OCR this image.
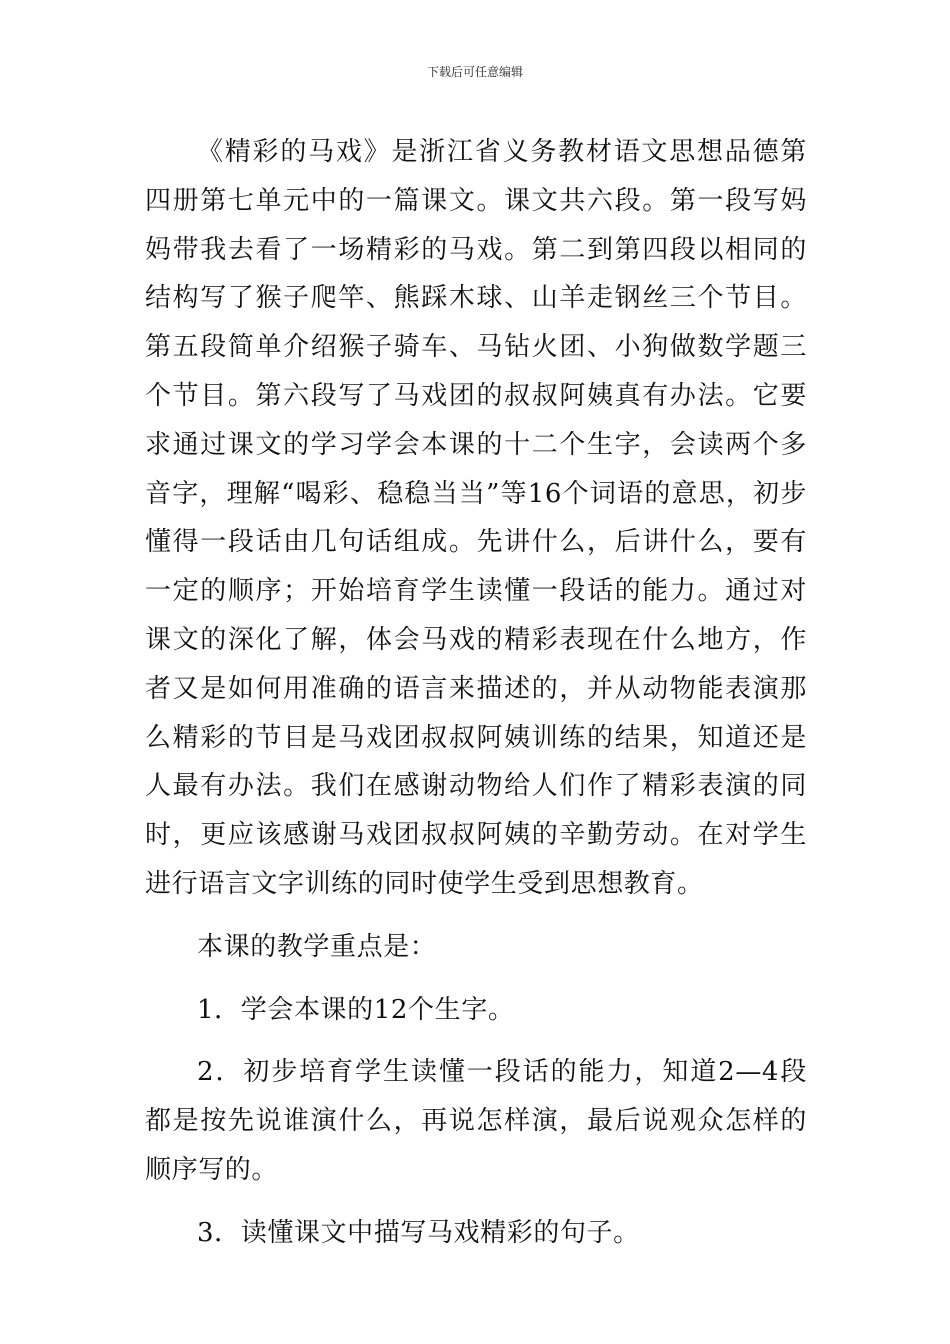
下载后可任意编辑

《精彩的马戏》是浙江省义务教材语文思想品德第四册第七单元中的一篇课文。课文共六段。第一段写妈妈带我去看了一场精彩的马戏。第二到第四段以相同的结构写了猴子爬竿、熊踩木球、山羊走钢丝三个节目。第五段简单介绍猴子骑车、马钻火团、小狗做数学题三个节目。第六段写了马戏团的叔叔阿姨真有办法。它要求通过课文的学习学会本课的十二个生字，会读两个多音字，理解“喝彩、稳稳当当”等16个词语的意思，初步懂得一段话由几句话组成。先讲什么，后讲什么，要有一定的顺序；开始培育学生读懂一段话的能力。通过对课文的深化了解，体会马戏的精彩表现在什么地方，作者又是如何用准确的语言来描述的，并从动物能表演那么精彩的节目是马戏团叔叔阿姨训练的结果，知道还是人最有办法。我们在感谢动物给人们作了精彩表演的同时，更应该感谢马戏团叔叔阿姨的辛勤劳动。在对学生进行语言文字训练的同时使学生受到思想教育。

本课的教学重点是：

1．学会本课的12个生字。

2．初步培育学生读懂一段话的能力，知道2—4段都是按先说谁演什么，再说怎样演，最后说观众怎样的顺序写的。

3．读懂课文中描写马戏精彩的句子。
